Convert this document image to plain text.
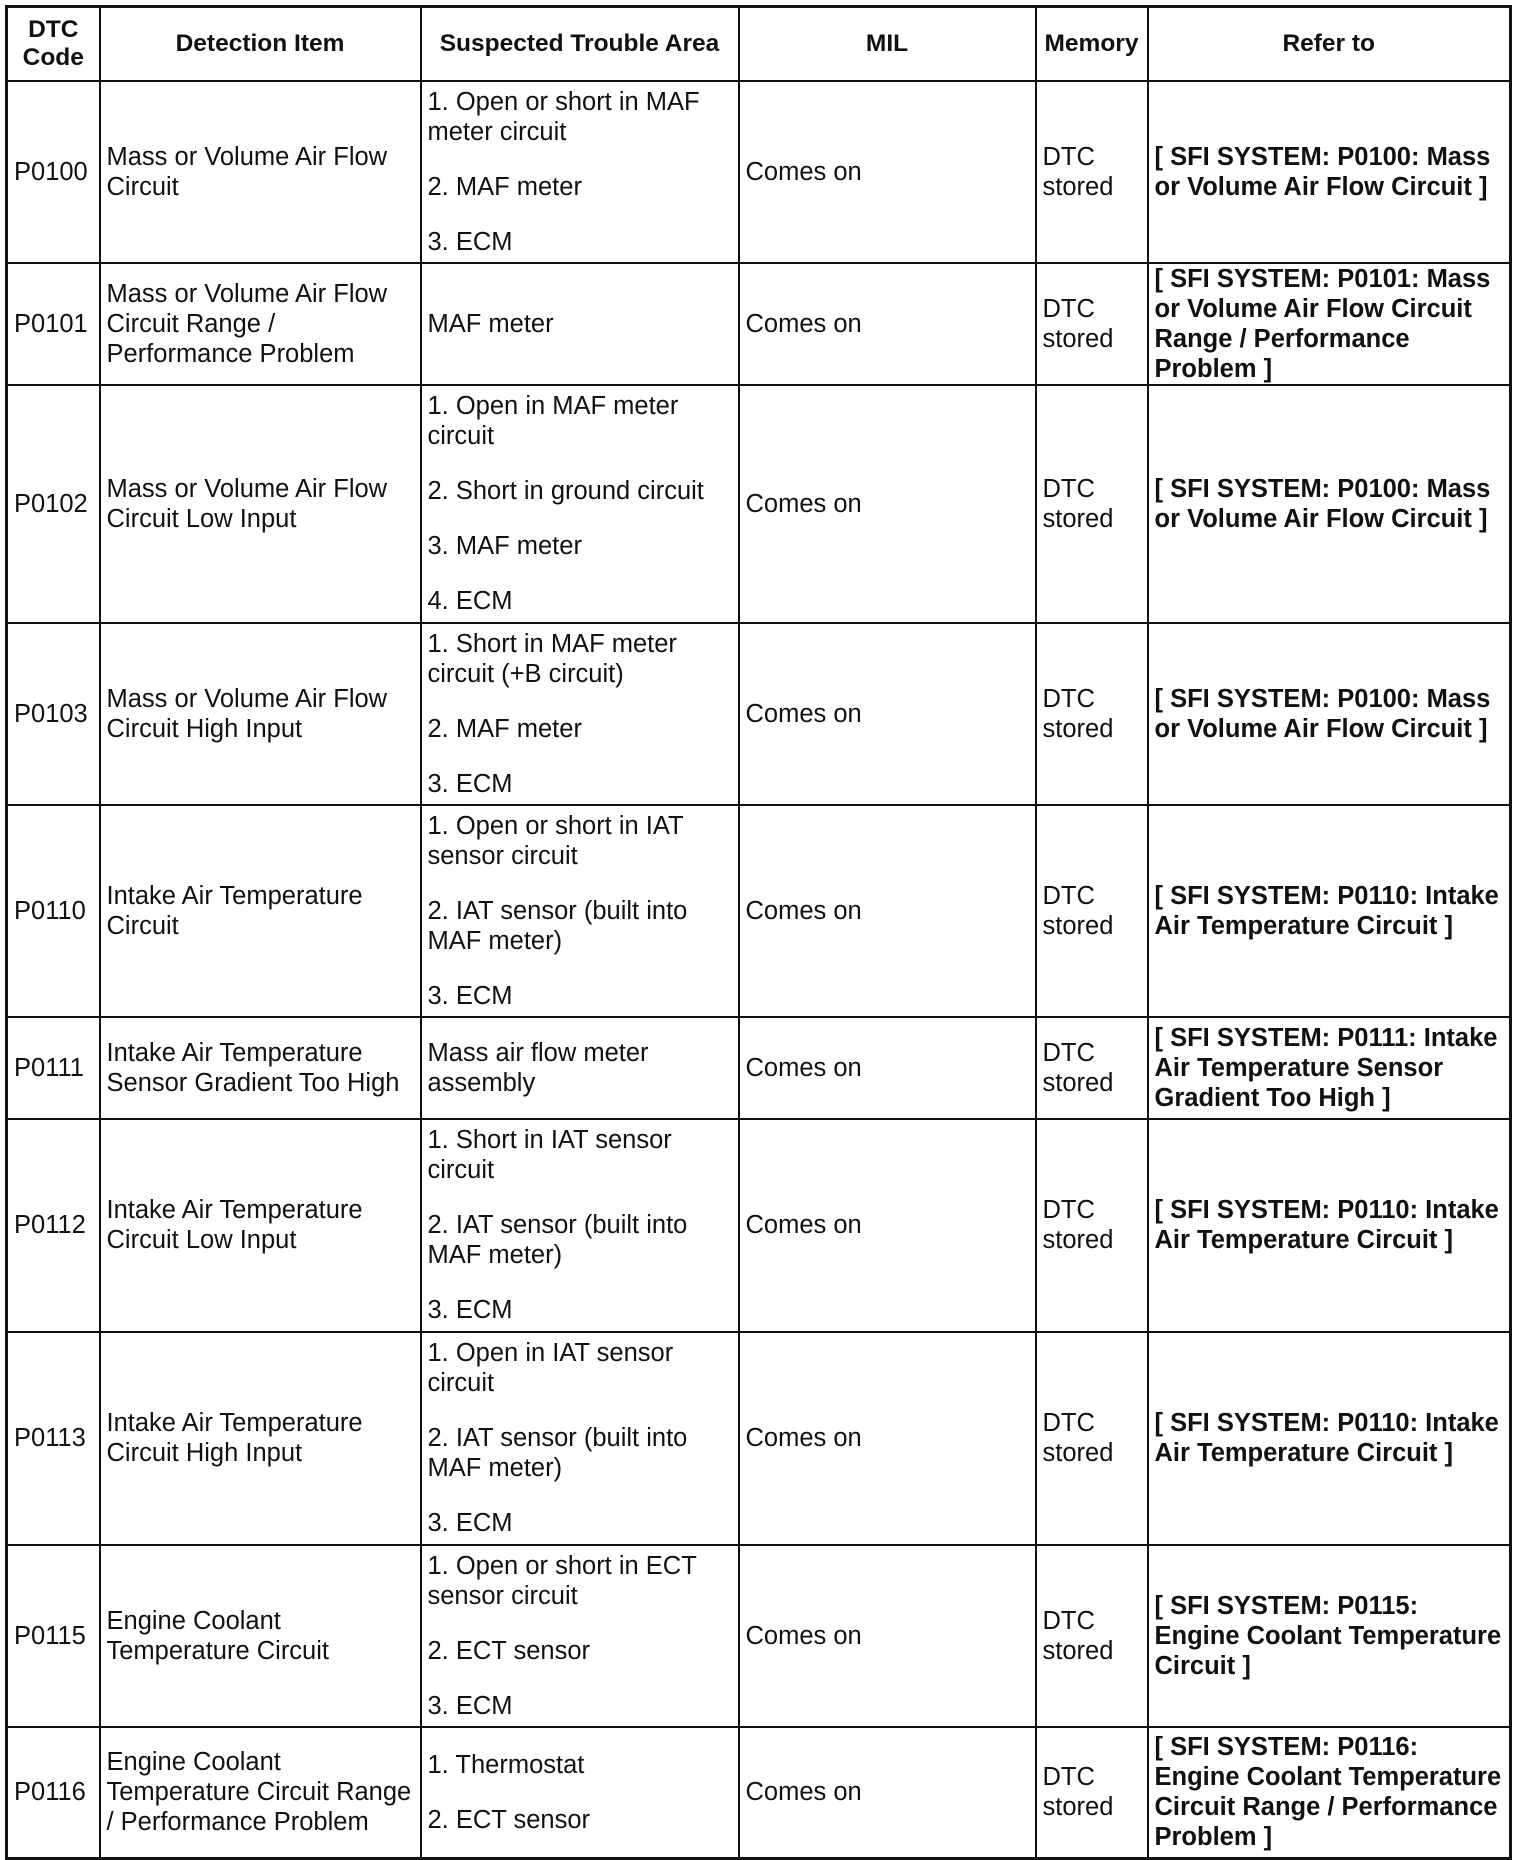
DTC
Code	Detection Item	Suspected Trouble Area	MIL	Memory	Refer to
P0100	Mass or Volume Air Flow Circuit	1. Open or short in MAF meter circuit
2. MAF meter
3. ECM	Comes on	DTC stored	[ SFI SYSTEM: P0100: Mass or Volume Air Flow Circuit ]
P0101	Mass or Volume Air Flow Circuit Range / Performance Problem	MAF meter	Comes on	DTC stored	[ SFI SYSTEM: P0101: Mass or Volume Air Flow Circuit Range / Performance Problem ]
P0102	Mass or Volume Air Flow Circuit Low Input	1. Open in MAF meter circuit
2. Short in ground circuit
3. MAF meter
4. ECM	Comes on	DTC stored	[ SFI SYSTEM: P0100: Mass or Volume Air Flow Circuit ]
P0103	Mass or Volume Air Flow Circuit High Input	1. Short in MAF meter circuit (+B circuit)
2. MAF meter
3. ECM	Comes on	DTC stored	[ SFI SYSTEM: P0100: Mass or Volume Air Flow Circuit ]
P0110	Intake Air Temperature Circuit	1. Open or short in IAT sensor circuit
2. IAT sensor (built into MAF meter)
3. ECM	Comes on	DTC stored	[ SFI SYSTEM: P0110: Intake Air Temperature Circuit ]
P0111	Intake Air Temperature Sensor Gradient Too High	Mass air flow meter assembly	Comes on	DTC stored	[ SFI SYSTEM: P0111: Intake Air Temperature Sensor Gradient Too High ]
P0112	Intake Air Temperature Circuit Low Input	1. Short in IAT sensor circuit
2. IAT sensor (built into MAF meter)
3. ECM	Comes on	DTC stored	[ SFI SYSTEM: P0110: Intake Air Temperature Circuit ]
P0113	Intake Air Temperature Circuit High Input	1. Open in IAT sensor circuit
2. IAT sensor (built into MAF meter)
3. ECM	Comes on	DTC stored	[ SFI SYSTEM: P0110: Intake Air Temperature Circuit ]
P0115	Engine Coolant Temperature Circuit	1. Open or short in ECT sensor circuit
2. ECT sensor
3. ECM	Comes on	DTC stored	[ SFI SYSTEM: P0115: Engine Coolant Temperature Circuit ]
P0116	Engine Coolant Temperature Circuit Range / Performance Problem	1. Thermostat
2. ECT sensor	Comes on	DTC stored	[ SFI SYSTEM: P0116: Engine Coolant Temperature Circuit Range / Performance Problem ]
